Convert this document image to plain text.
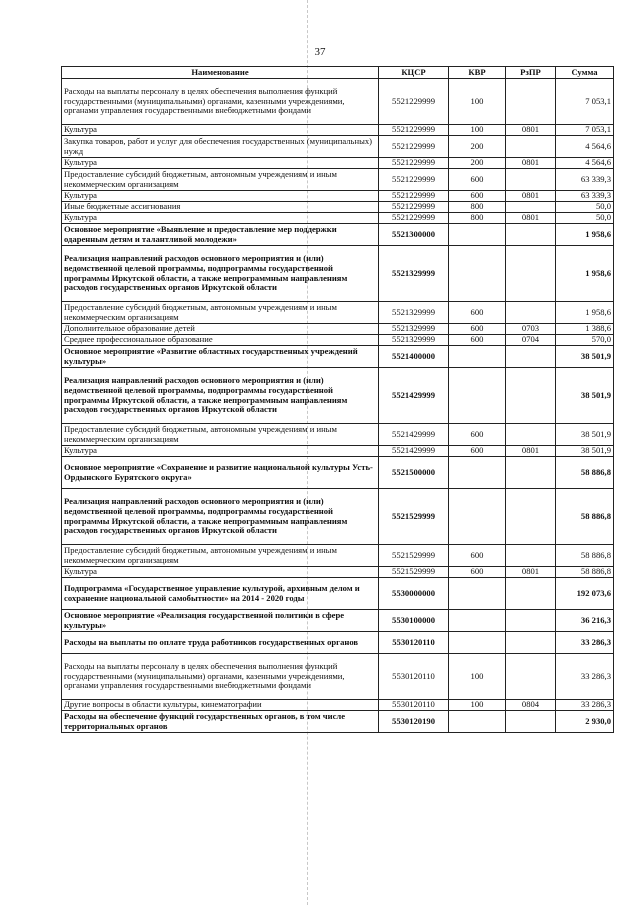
37
Наименование	КЦСР	КВР	РзПР	Сумма
Расходы на выплаты персоналу в целях обеспечения выполнения функций государственными (муниципальными) органами, казенными учреждениями, органами управления государственными внебюджетными фондами	5521229999	100		7 053,1
Культура	5521229999	100	0801	7 053,1
Закупка товаров, работ и услуг для обеспечения государственных (муниципальных) нужд	5521229999	200		4 564,6
Культура	5521229999	200	0801	4 564,6
Предоставление субсидий бюджетным, автономным учреждениям и иным некоммерческим организациям	5521229999	600		63 339,3
Культура	5521229999	600	0801	63 339,3
Иные бюджетные ассигнования	5521229999	800		50,0
Культура	5521229999	800	0801	50,0
Основное мероприятие «Выявление и предоставление мер поддержки одаренным детям и талантливой молодежи»	5521300000			1 958,6
Реализация направлений расходов основного мероприятия и (или) ведомственной целевой программы, подпрограммы государственной программы Иркутской области, а также непрограммным направлениям расходов государственных органов Иркутской области	5521329999			1 958,6
Предоставление субсидий бюджетным, автономным учреждениям и иным некоммерческим организациям	5521329999	600		1 958,6
Дополнительное образование детей	5521329999	600	0703	1 388,6
Среднее профессиональное образование	5521329999	600	0704	570,0
Основное мероприятие «Развитие областных государственных учреждений культуры»	5521400000			38 501,9
Реализация направлений расходов основного мероприятия и (или) ведомственной целевой программы, подпрограммы государственной программы Иркутской области, а также непрограммным направлениям расходов государственных органов Иркутской области	5521429999			38 501,9
Предоставление субсидий бюджетным, автономным учреждениям и иным некоммерческим организациям	5521429999	600		38 501,9
Культура	5521429999	600	0801	38 501,9
Основное мероприятие «Сохранение и развитие национальной культуры Усть-Ордынского Бурятского округа»	5521500000			58 886,8
Реализация направлений расходов основного мероприятия и (или) ведомственной целевой программы, подпрограммы государственной программы Иркутской области, а также непрограммным направлениям расходов государственных органов Иркутской области	5521529999			58 886,8
Предоставление субсидий бюджетным, автономным учреждениям и иным некоммерческим организациям	5521529999	600		58 886,8
Культура	5521529999	600	0801	58 886,8
Подпрограмма «Государственное управление культурой, архивным делом и сохранение национальной самобытности» на 2014 - 2020 годы	5530000000			192 073,6
Основное мероприятие «Реализация государственной политики в сфере культуры»	5530100000			36 216,3
Расходы на выплаты по оплате труда работников государственных органов	5530120110			33 286,3
Расходы на выплаты персоналу в целях обеспечения выполнения функций государственными (муниципальными) органами, казенными учреждениями, органами управления государственными внебюджетными фондами	5530120110	100		33 286,3
Другие вопросы в области культуры, кинематографии	5530120110	100	0804	33 286,3
Расходы на обеспечение функций государственных органов, в том числе территориальных органов	5530120190			2 930,0
